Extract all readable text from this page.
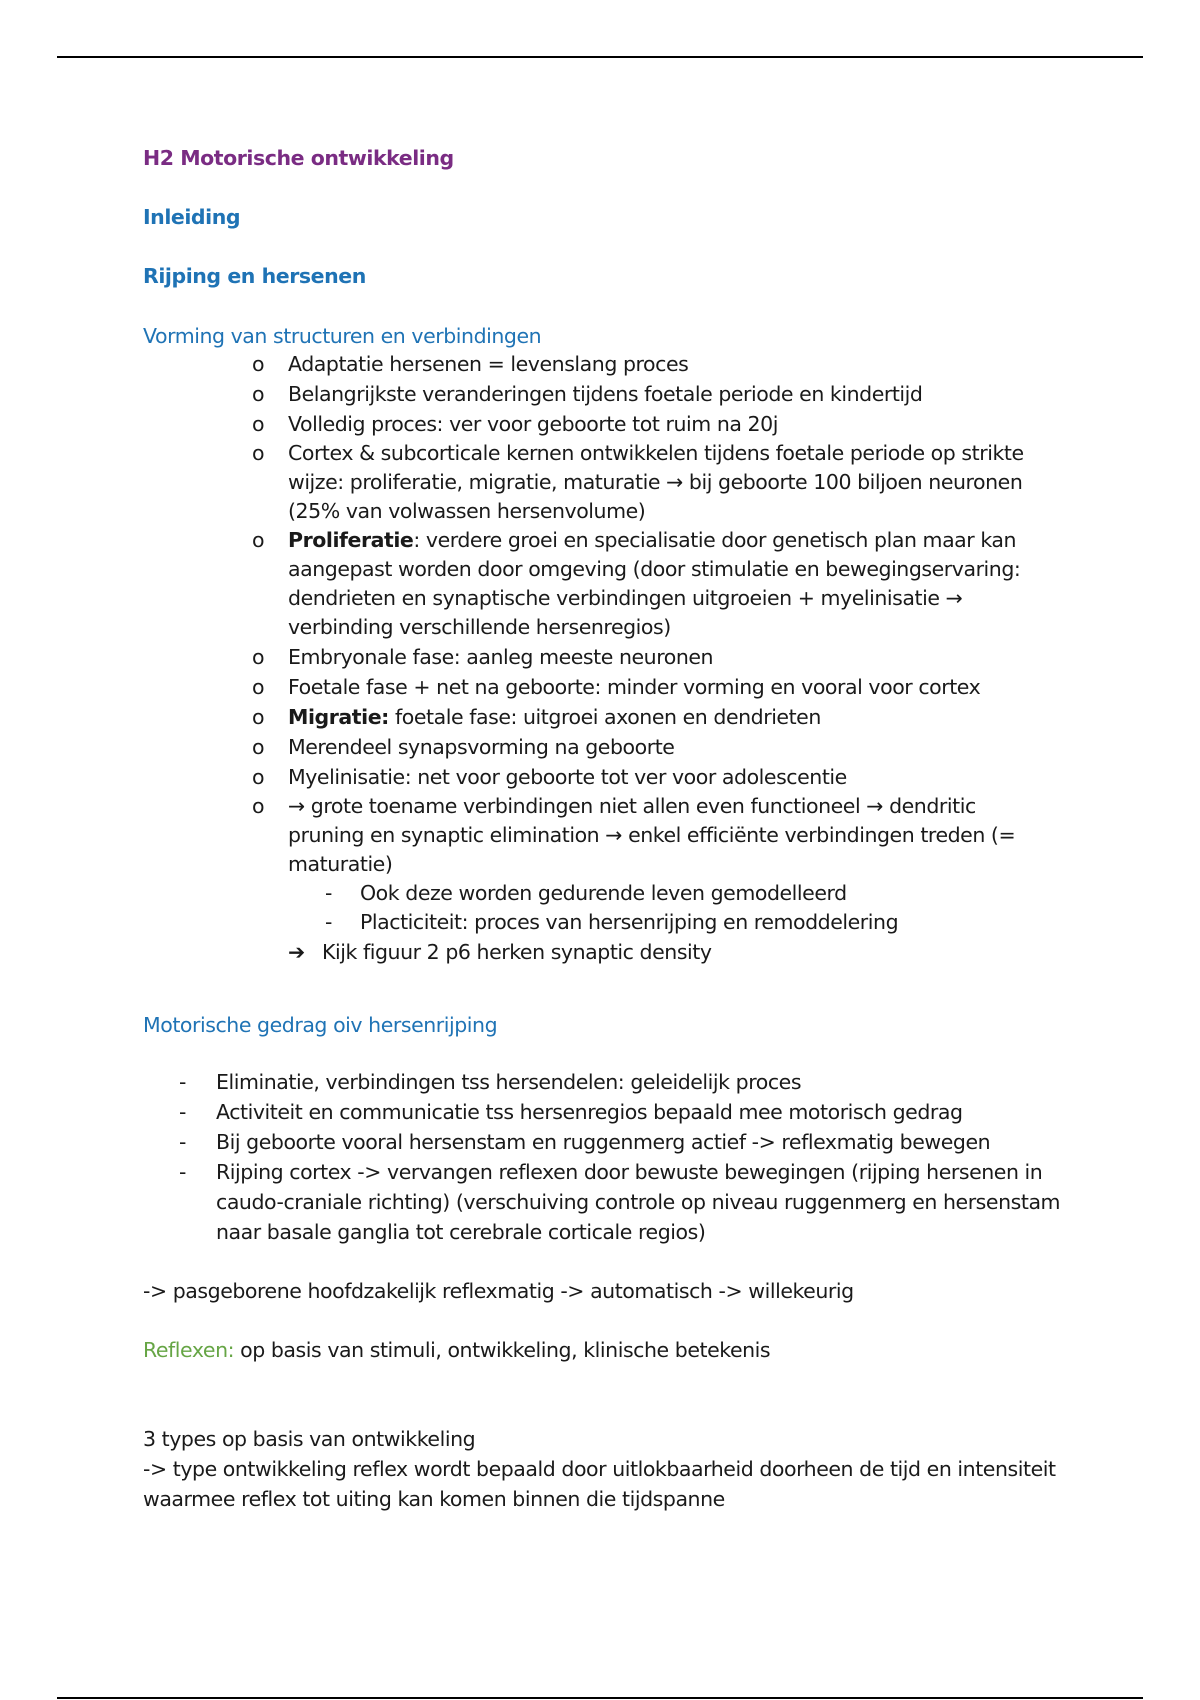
H2 Motorische ontwikkeling
Inleiding
Rijping en hersenen
Vorming van structuren en verbindingen
o Adaptatie hersenen = levenslang proces
o Belangrijkste veranderingen tijdens foetale periode en kindertijd
o Volledig proces: ver voor geboorte tot ruim na 20j
o Cortex & subcorticale kernen ontwikkelen tijdens foetale periode op strikte wijze: proliferatie, migratie, maturatie → bij geboorte 100 biljoen neuronen (25% van volwassen hersenvolume)
o Proliferatie: verdere groei en specialisatie door genetisch plan maar kan aangepast worden door omgeving (door stimulatie en bewegingservaring: dendrieten en synaptische verbindingen uitgroeien + myelinisatie → verbinding verschillende hersenregios)
o Embryonale fase: aanleg meeste neuronen
o Foetale fase + net na geboorte: minder vorming en vooral voor cortex
o Migratie: foetale fase: uitgroei axonen en dendrieten
o Merendeel synapsvorming na geboorte
o Myelinisatie: net voor geboorte tot ver voor adolescentie
o → grote toename verbindingen niet allen even functioneel → dendritic pruning en synaptic elimination → enkel efficiënte verbindingen treden (= maturatie)
- Ook deze worden gedurende leven gemodelleerd
- Placticiteit: proces van hersenrijping en remoddelering
➔ Kijk figuur 2 p6 herken synaptic density
Motorische gedrag oiv hersenrijping
- Eliminatie, verbindingen tss hersendelen: geleidelijk proces
- Activiteit en communicatie tss hersenregios bepaald mee motorisch gedrag
- Bij geboorte vooral hersenstam en ruggenmerg actief -> reflexmatig bewegen
- Rijping cortex -> vervangen reflexen door bewuste bewegingen (rijping hersenen in caudo-craniale richting) (verschuiving controle op niveau ruggenmerg en hersenstam naar basale ganglia tot cerebrale corticale regios)
-> pasgeborene hoofdzakelijk reflexmatig -> automatisch -> willekeurig
Reflexen: op basis van stimuli, ontwikkeling, klinische betekenis
3 types op basis van ontwikkeling
-> type ontwikkeling reflex wordt bepaald door uitlokbaarheid doorheen de tijd en intensiteit waarmee reflex tot uiting kan komen binnen die tijdspanne
